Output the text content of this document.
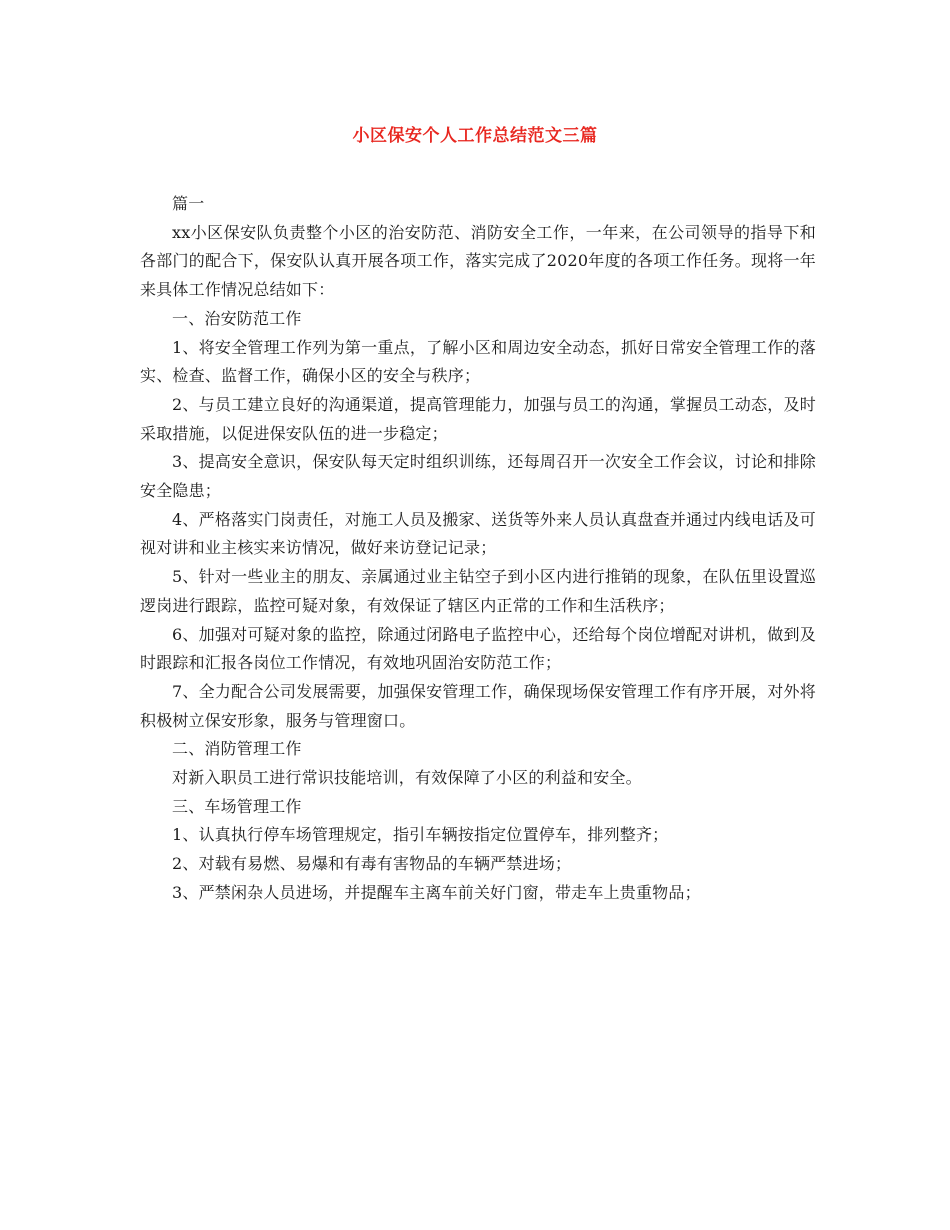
小区保安个人工作总结范文三篇

篇一

xx小区保安队负责整个小区的治安防范、消防安全工作，一年来，在公司领导的指导下和各部门的配合下，保安队认真开展各项工作，落实完成了2020年度的各项工作任务。现将一年来具体工作情况总结如下：

一、治安防范工作

1、将安全管理工作列为第一重点，了解小区和周边安全动态，抓好日常安全管理工作的落实、检查、监督工作，确保小区的安全与秩序；

2、与员工建立良好的沟通渠道，提高管理能力，加强与员工的沟通，掌握员工动态，及时采取措施，以促进保安队伍的进一步稳定；

3、提高安全意识，保安队每天定时组织训练，还每周召开一次安全工作会议，讨论和排除安全隐患；

4、严格落实门岗责任，对施工人员及搬家、送货等外来人员认真盘查并通过内线电话及可视对讲和业主核实来访情况，做好来访登记记录；

5、针对一些业主的朋友、亲属通过业主钻空子到小区内进行推销的现象，在队伍里设置巡逻岗进行跟踪，监控可疑对象，有效保证了辖区内正常的工作和生活秩序；

6、加强对可疑对象的监控，除通过闭路电子监控中心，还给每个岗位增配对讲机，做到及时跟踪和汇报各岗位工作情况，有效地巩固治安防范工作；

7、全力配合公司发展需要，加强保安管理工作，确保现场保安管理工作有序开展，对外将积极树立保安形象，服务与管理窗口。

二、消防管理工作

对新入职员工进行常识技能培训，有效保障了小区的利益和安全。

三、车场管理工作

1、认真执行停车场管理规定，指引车辆按指定位置停车，排列整齐；

2、对载有易燃、易爆和有毒有害物品的车辆严禁进场；

3、严禁闲杂人员进场，并提醒车主离车前关好门窗，带走车上贵重物品；
